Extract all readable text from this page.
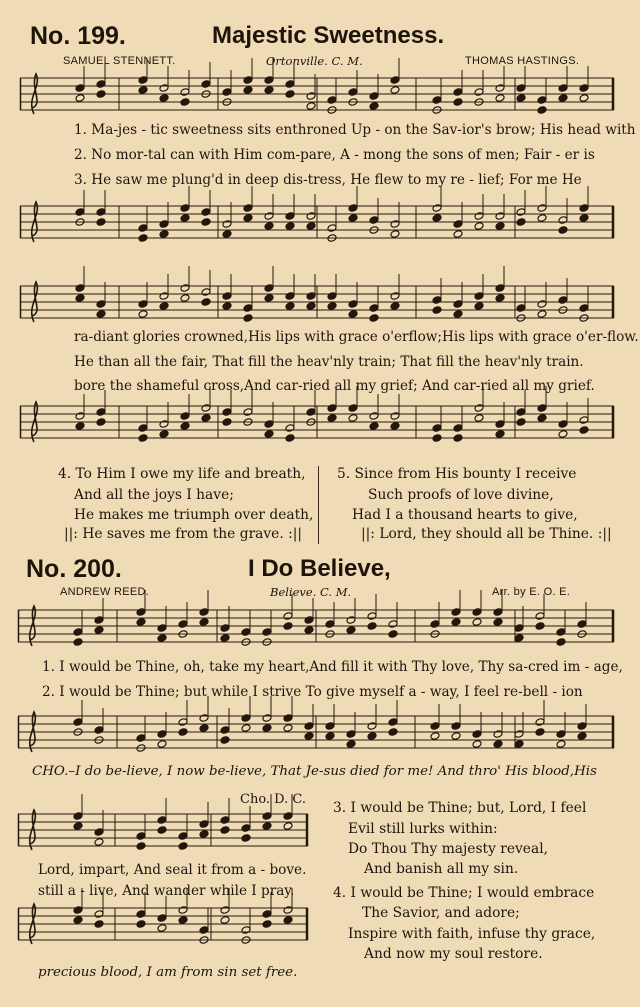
No. 199.	Majestic Sweetness.
SAMUEL STENNETT.	Ortonville. C. M.	THOMAS HASTINGS.
1. Ma-jes - tic sweetness sits enthroned Up - on the Sav-ior's brow; His head with
2. No mor-tal can with Him com-pare, A - mong the sons of men; Fair - er is
3. He saw me plung'd in deep dis-tress, He flew to my re - lief; For me He
ra-diant glories crowned,His lips with grace o'erflow;His lips with grace o'er-flow.
He than all the fair, That fill the heav'nly train; That fill the heav'nly train.
bore the shameful cross,And car-ried all my grief; And car-ried all my grief.
4. To Him I owe my life and breath,
And all the joys I have;
He makes me triumph over death,
||: He saves me from the grave. :||
5. Since from His bounty I receive
Such proofs of love divine,
Had I a thousand hearts to give,
||: Lord, they should all be Thine. :||
No. 200.	I Do Believe,
ANDREW REED.	Believe. C. M.	Arr. by E. O. E.
1. I would be Thine, oh, take my heart,And fill it with Thy love, Thy sa-cred im - age,
2. I would be Thine; but while I strive To give myself a - way, I feel re-bell - ion
CHO.–I do be-lieve, I now be-lieve, That Je-sus died for me! And thro' His blood,His
Cho. D. C.
Lord, impart, And seal it from a - bove.
still a - live, And wander while I pray.
precious blood, I am from sin set free.
3. I would be Thine; but, Lord, I feel
Evil still lurks within:
Do Thou Thy majesty reveal,
And banish all my sin.
4. I would be Thine; I would embrace
The Savior, and adore;
Inspire with faith, infuse thy grace,
And now my soul restore.
